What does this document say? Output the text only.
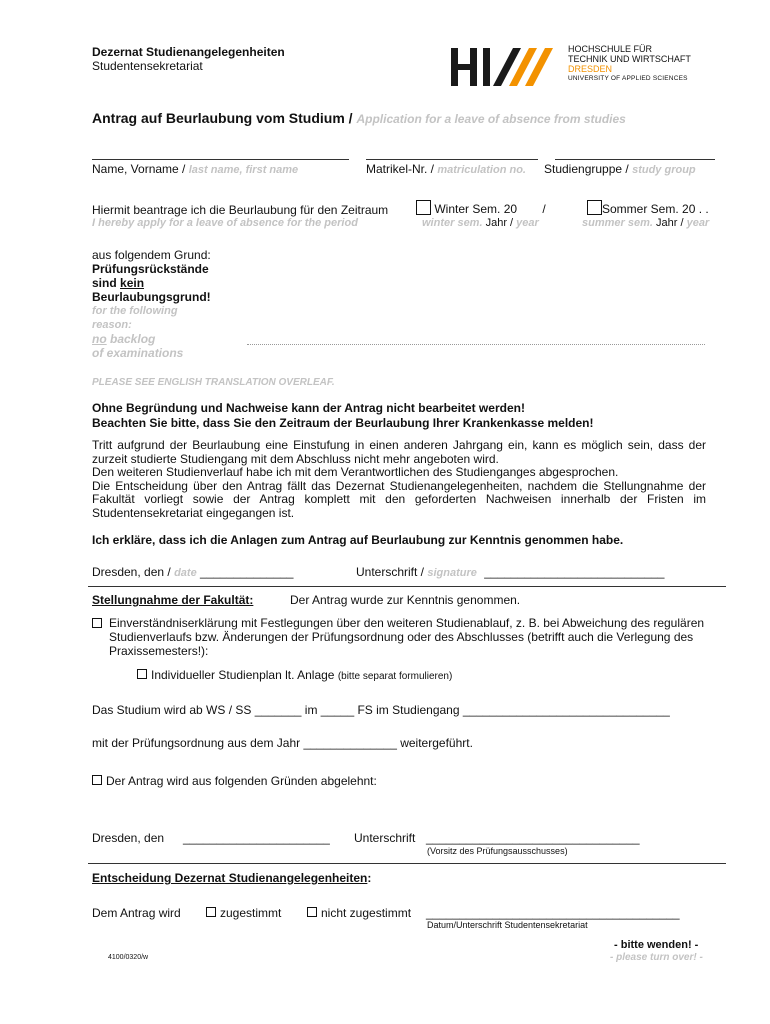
Dezernat Studienangelegenheiten
Studentensekretariat
HOCHSCHULE FÜR
TECHNIK UND WIRTSCHAFT
DRESDEN
UNIVERSITY OF APPLIED SCIENCES
Antrag auf Beurlaubung vom Studium / Application for a leave of absence from studies
Name, Vorname / last name, first name	Matrikel-Nr. / matriculation no. Studiengruppe / study group
Hiermit beantrage ich die Beurlaubung für den Zeitraum
I hereby apply for a leave of absence for the period
Winter Sem. 20 /
winter sem. Jahr / year
Sommer Sem. 20 . .
summer sem. Jahr / year
aus folgendem Grund:
Prüfungsrückstände
sind kein
Beurlaubungsgrund!
for the following
reason:
no backlog
of examinations
PLEASE SEE ENGLISH TRANSLATION OVERLEAF.
Ohne Begründung und Nachweise kann der Antrag nicht bearbeitet werden!
Beachten Sie bitte, dass Sie den Zeitraum der Beurlaubung Ihrer Krankenkasse melden!
Tritt aufgrund der Beurlaubung eine Einstufung in einen anderen Jahrgang ein, kann es möglich sein, dass der zurzeit studierte Studiengang mit dem Abschluss nicht mehr angeboten wird.
Den weiteren Studienverlauf habe ich mit dem Verantwortlichen des Studienganges abgesprochen.
Die Entscheidung über den Antrag fällt das Dezernat Studienangelegenheiten, nachdem die Stellungnahme der Fakultät vorliegt sowie der Antrag komplett mit den geforderten Nachweisen innerhalb der Fristen im Studentensekretariat eingegangen ist.
Ich erkläre, dass ich die Anlagen zum Antrag auf Beurlaubung zur Kenntnis genommen habe.
Dresden, den / date ______________	Unterschrift / signature ___________________________
Stellungnahme der Fakultät:	Der Antrag wurde zur Kenntnis genommen.
Einverständniserklärung mit Festlegungen über den weiteren Studienablauf, z. B. bei Abweichung des regulären Studienverlaufs bzw. Änderungen der Prüfungsordnung oder des Abschlusses (betrifft auch die Verlegung des Praxissemesters!):
Individueller Studienplan lt. Anlage (bitte separat formulieren)
Das Studium wird ab WS / SS _______ im _____ FS im Studiengang _______________________________
mit der Prüfungsordnung aus dem Jahr ______________ weitergeführt.
Der Antrag wird aus folgenden Gründen abgelehnt:
Dresden, den ______________________ Unterschrift ________________________________
(Vorsitz des Prüfungsausschusses)
Entscheidung Dezernat Studienangelegenheiten:
Dem Antrag wird	zugestimmt	nicht zugestimmt ______________________________________
Datum/Unterschrift Studentensekretariat
- bitte wenden! -
- please turn over! -
4100/0320/w
